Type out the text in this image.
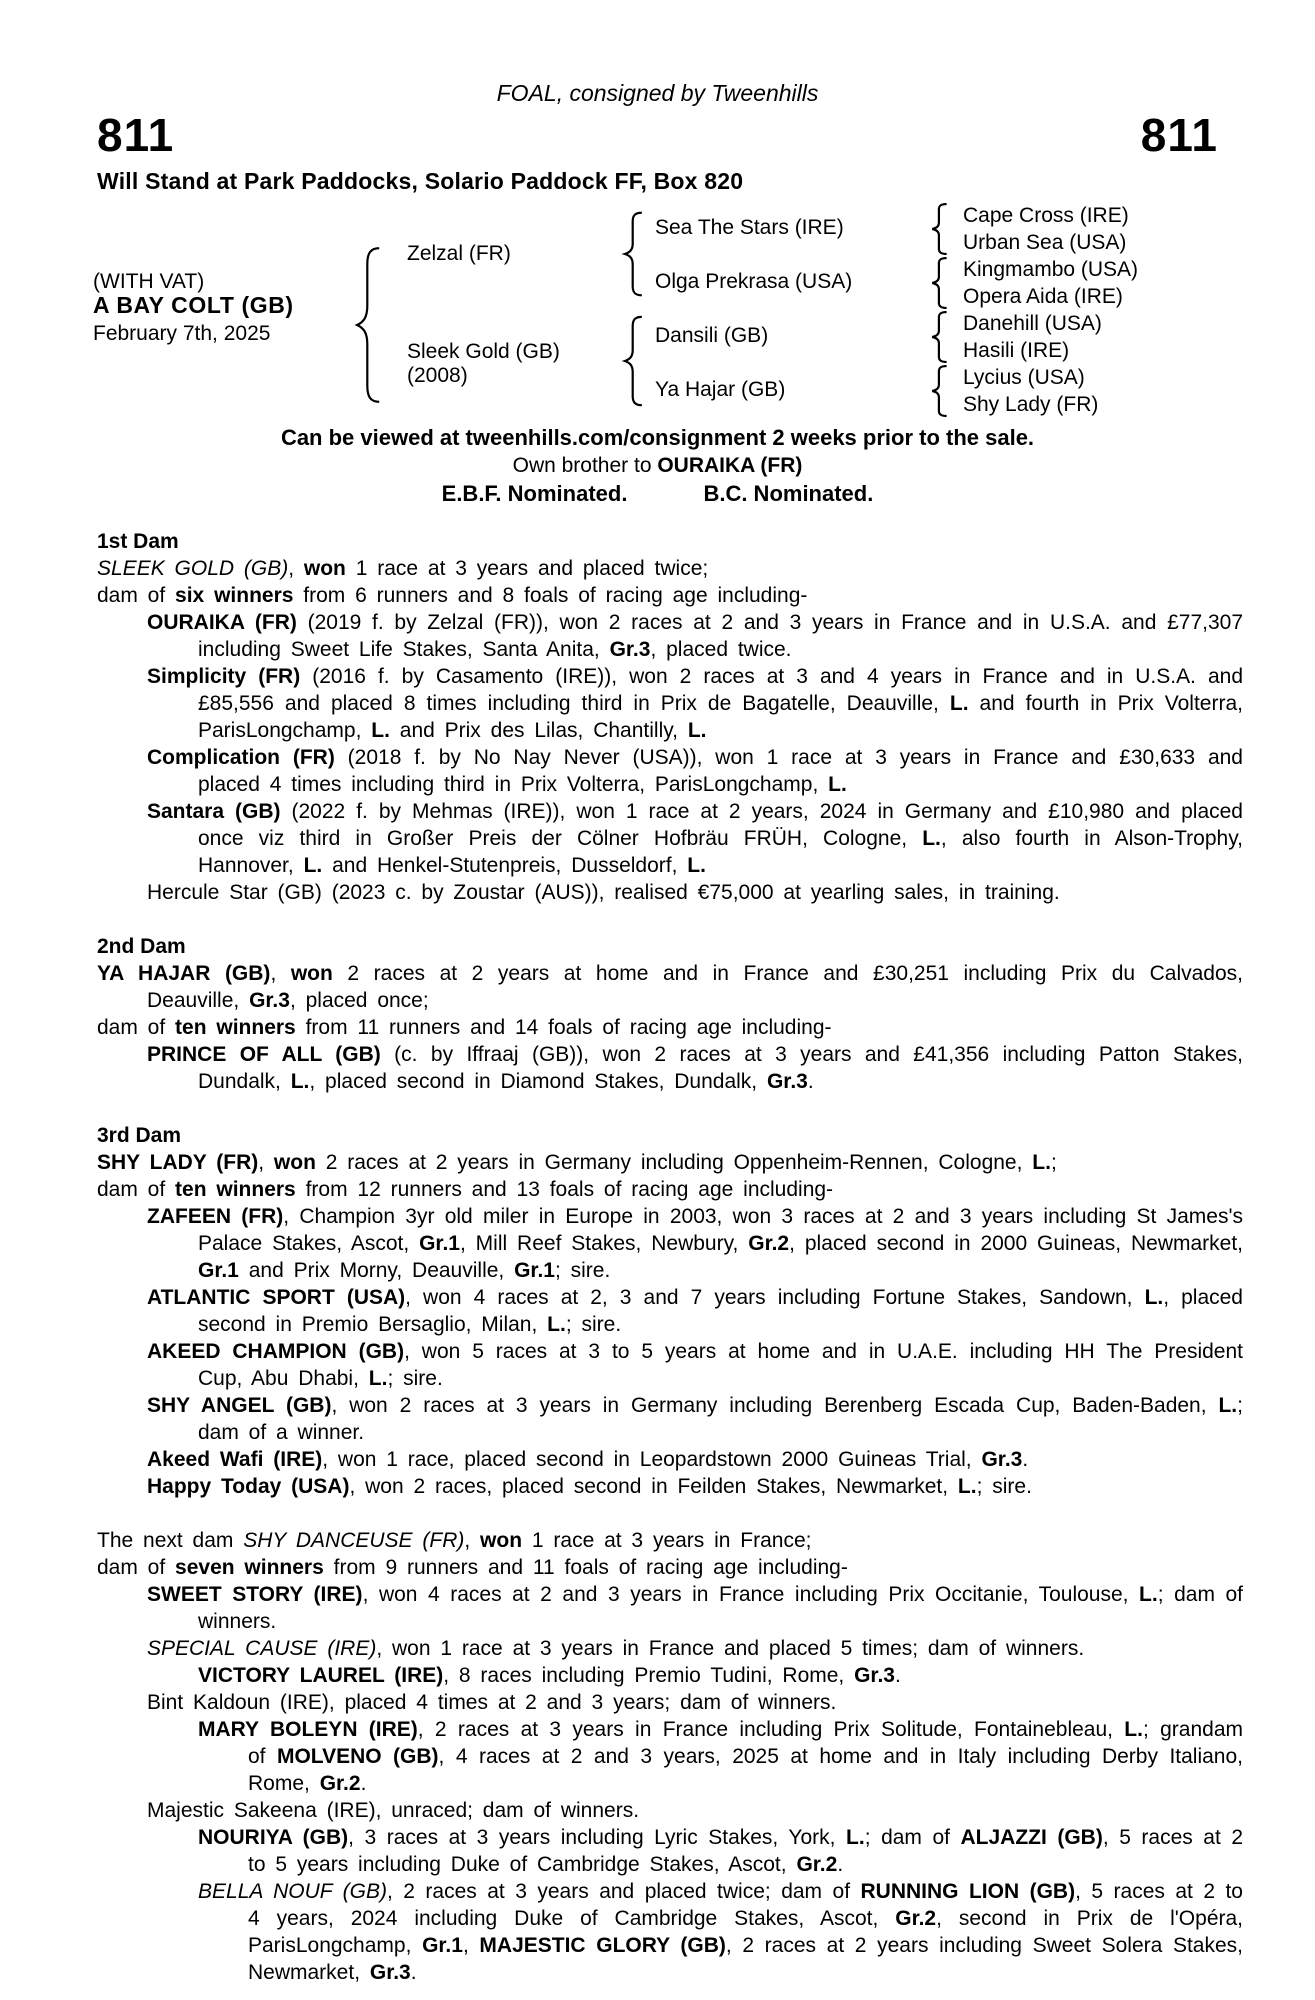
FOAL, consigned by Tweenhills
811	811
Will Stand at Park Paddocks, Solario Paddock FF, Box 820
(WITH VAT)
A BAY COLT (GB)
February 7th, 2025
Zelzal (FR)
Sleek Gold (GB)
(2008)
Sea The Stars (IRE)
Olga Prekrasa (USA)
Dansili (GB)
Ya Hajar (GB)
Cape Cross (IRE)
Urban Sea (USA)
Kingmambo (USA)
Opera Aida (IRE)
Danehill (USA)
Hasili (IRE)
Lycius (USA)
Shy Lady (FR)
Can be viewed at tweenhills.com/consignment 2 weeks prior to the sale.
Own brother to OURAIKA (FR)
E.B.F. Nominated.	B.C. Nominated.
1st Dam
SLEEK GOLD (GB), won 1 race at 3 years and placed twice;
dam of six winners from 6 runners and 8 foals of racing age including-
OURAIKA (FR) (2019 f. by Zelzal (FR)), won 2 races at 2 and 3 years in France and in U.S.A. and £77,307 including Sweet Life Stakes, Santa Anita, Gr.3, placed twice.
Simplicity (FR) (2016 f. by Casamento (IRE)), won 2 races at 3 and 4 years in France and in U.S.A. and £85,556 and placed 8 times including third in Prix de Bagatelle, Deauville, L. and fourth in Prix Volterra, ParisLongchamp, L. and Prix des Lilas, Chantilly, L.
Complication (FR) (2018 f. by No Nay Never (USA)), won 1 race at 3 years in France and £30,633 and placed 4 times including third in Prix Volterra, ParisLongchamp, L.
Santara (GB) (2022 f. by Mehmas (IRE)), won 1 race at 2 years, 2024 in Germany and £10,980 and placed once viz third in Großer Preis der Cölner Hofbräu FRÜH, Cologne, L., also fourth in Alson-Trophy, Hannover, L. and Henkel-Stutenpreis, Dusseldorf, L.
Hercule Star (GB) (2023 c. by Zoustar (AUS)), realised €75,000 at yearling sales, in training.
2nd Dam
YA HAJAR (GB), won 2 races at 2 years at home and in France and £30,251 including Prix du Calvados, Deauville, Gr.3, placed once;
dam of ten winners from 11 runners and 14 foals of racing age including-
PRINCE OF ALL (GB) (c. by Iffraaj (GB)), won 2 races at 3 years and £41,356 including Patton Stakes, Dundalk, L., placed second in Diamond Stakes, Dundalk, Gr.3.
3rd Dam
SHY LADY (FR), won 2 races at 2 years in Germany including Oppenheim-Rennen, Cologne, L.;
dam of ten winners from 12 runners and 13 foals of racing age including-
ZAFEEN (FR), Champion 3yr old miler in Europe in 2003, won 3 races at 2 and 3 years including St James's Palace Stakes, Ascot, Gr.1, Mill Reef Stakes, Newbury, Gr.2, placed second in 2000 Guineas, Newmarket, Gr.1 and Prix Morny, Deauville, Gr.1; sire.
ATLANTIC SPORT (USA), won 4 races at 2, 3 and 7 years including Fortune Stakes, Sandown, L., placed second in Premio Bersaglio, Milan, L.; sire.
AKEED CHAMPION (GB), won 5 races at 3 to 5 years at home and in U.A.E. including HH The President Cup, Abu Dhabi, L.; sire.
SHY ANGEL (GB), won 2 races at 3 years in Germany including Berenberg Escada Cup, Baden-Baden, L.; dam of a winner.
Akeed Wafi (IRE), won 1 race, placed second in Leopardstown 2000 Guineas Trial, Gr.3.
Happy Today (USA), won 2 races, placed second in Feilden Stakes, Newmarket, L.; sire.
The next dam SHY DANCEUSE (FR), won 1 race at 3 years in France;
dam of seven winners from 9 runners and 11 foals of racing age including-
SWEET STORY (IRE), won 4 races at 2 and 3 years in France including Prix Occitanie, Toulouse, L.; dam of winners.
SPECIAL CAUSE (IRE), won 1 race at 3 years in France and placed 5 times; dam of winners.
VICTORY LAUREL (IRE), 8 races including Premio Tudini, Rome, Gr.3.
Bint Kaldoun (IRE), placed 4 times at 2 and 3 years; dam of winners.
MARY BOLEYN (IRE), 2 races at 3 years in France including Prix Solitude, Fontainebleau, L.; grandam of MOLVENO (GB), 4 races at 2 and 3 years, 2025 at home and in Italy including Derby Italiano, Rome, Gr.2.
Majestic Sakeena (IRE), unraced; dam of winners.
NOURIYA (GB), 3 races at 3 years including Lyric Stakes, York, L.; dam of ALJAZZI (GB), 5 races at 2 to 5 years including Duke of Cambridge Stakes, Ascot, Gr.2.
BELLA NOUF (GB), 2 races at 3 years and placed twice; dam of RUNNING LION (GB), 5 races at 2 to 4 years, 2024 including Duke of Cambridge Stakes, Ascot, Gr.2, second in Prix de l'Opéra, ParisLongchamp, Gr.1, MAJESTIC GLORY (GB), 2 races at 2 years including Sweet Solera Stakes, Newmarket, Gr.3.
